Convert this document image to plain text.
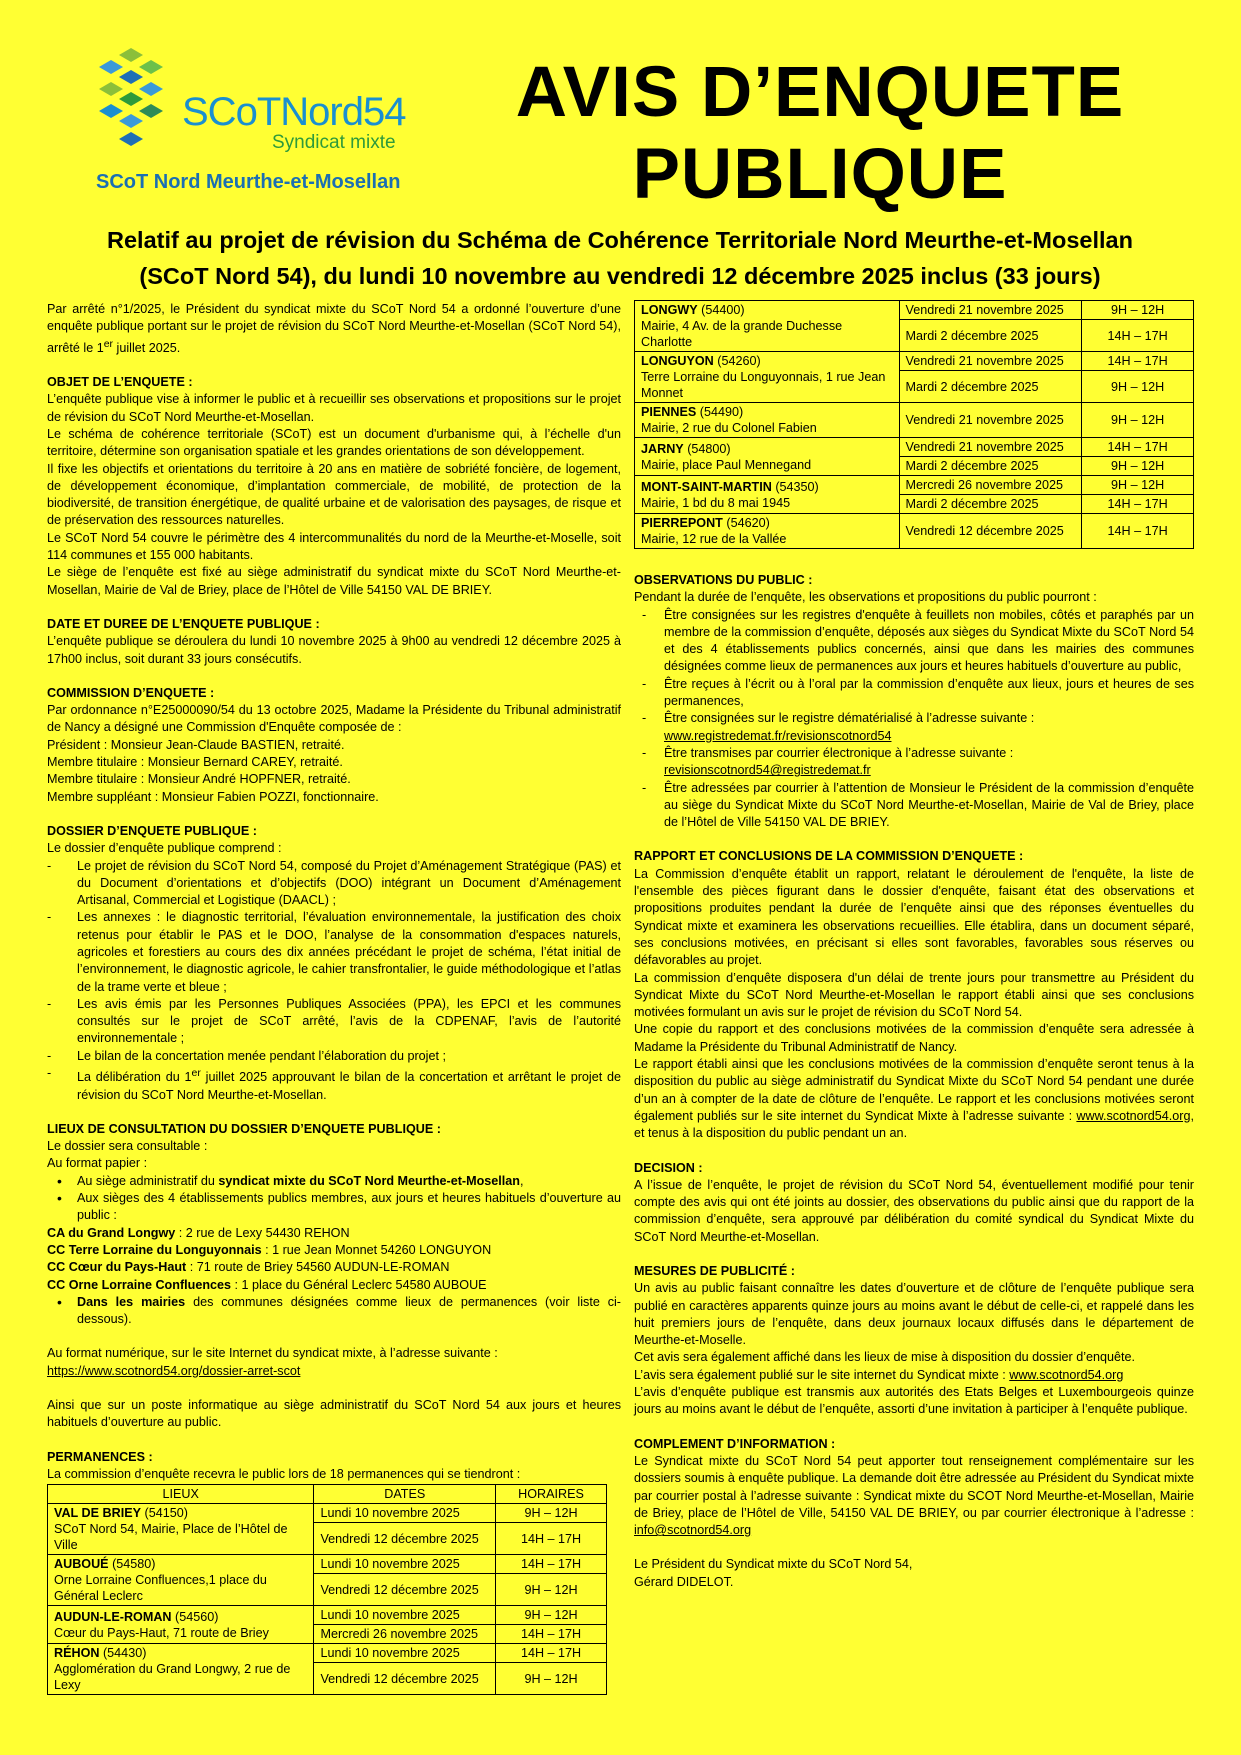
SCoTNord54
Syndicat mixte
SCoT Nord Meurthe-et-Mosellan
AVIS D’ENQUETE
PUBLIQUE
Relatif au projet de révision du Schéma de Cohérence Territoriale Nord Meurthe-et-Mosellan
(SCoT Nord 54), du lundi 10 novembre au vendredi 12 décembre 2025 inclus (33 jours)

Par arrêté n°1/2025, le Président du syndicat mixte du SCoT Nord 54 a ordonné l’ouverture d’une enquête publique portant sur le projet de révision du SCoT Nord Meurthe-et-Mosellan (SCoT Nord 54), arrêté le 1er juillet 2025.

OBJET DE L’ENQUETE :

L’enquête publique vise à informer le public et à recueillir ses observations et propositions sur le projet de révision du SCoT Nord Meurthe-et-Mosellan.

Le schéma de cohérence territoriale (SCoT) est un document d'urbanisme qui, à l’échelle d'un territoire, détermine son organisation spatiale et les grandes orientations de son développement.

Il fixe les objectifs et orientations du territoire à 20 ans en matière de sobriété foncière, de logement, de développement économique, d’implantation commerciale, de mobilité, de protection de la biodiversité, de transition énergétique, de qualité urbaine et de valorisation des paysages, de risque et de préservation des ressources naturelles.

Le SCoT Nord 54 couvre le périmètre des 4 intercommunalités du nord de la Meurthe-et-Moselle, soit 114 communes et 155 000 habitants.

Le siège de l’enquête est fixé au siège administratif du syndicat mixte du SCoT Nord Meurthe-et-Mosellan, Mairie de Val de Briey, place de l’Hôtel de Ville 54150 VAL DE BRIEY.

DATE ET DUREE DE L’ENQUETE PUBLIQUE :

L’enquête publique se déroulera du lundi 10 novembre 2025 à 9h00 au vendredi 12 décembre 2025 à 17h00 inclus, soit durant 33 jours consécutifs.

COMMISSION D’ENQUETE :

Par ordonnance n°E25000090/54 du 13 octobre 2025, Madame la Présidente du Tribunal administratif de Nancy a désigné une Commission d'Enquête composée de :

Président : Monsieur Jean-Claude BASTIEN, retraité.

Membre titulaire : Monsieur Bernard CAREY, retraité.

Membre titulaire : Monsieur André HOPFNER, retraité.

Membre suppléant : Monsieur Fabien POZZI, fonctionnaire.

DOSSIER D’ENQUETE PUBLIQUE :

Le dossier d’enquête publique comprend :

- Le projet de révision du SCoT Nord 54, composé du Projet d’Aménagement Stratégique (PAS) et du Document d’orientations et d’objectifs (DOO) intégrant un Document d’Aménagement Artisanal, Commercial et Logistique (DAACL) ;
- Les annexes : le diagnostic territorial, l’évaluation environnementale, la justification des choix retenus pour établir le PAS et le DOO, l’analyse de la consommation d'espaces naturels, agricoles et forestiers au cours des dix années précédant le projet de schéma, l’état initial de l’environnement, le diagnostic agricole, le cahier transfrontalier, le guide méthodologique et l’atlas de la trame verte et bleue ;
- Les avis émis par les Personnes Publiques Associées (PPA), les EPCI et les communes consultés sur le projet de SCoT arrêté, l’avis de la CDPENAF, l’avis de l’autorité environnementale ;
- Le bilan de la concertation menée pendant l’élaboration du projet ;
- La délibération du 1er juillet 2025 approuvant le bilan de la concertation et arrêtant le projet de révision du SCoT Nord Meurthe-et-Mosellan.

LIEUX DE CONSULTATION DU DOSSIER D’ENQUETE PUBLIQUE :

Le dossier sera consultable :

Au format papier :

• Au siège administratif du syndicat mixte du SCoT Nord Meurthe-et-Mosellan,
• Aux sièges des 4 établissements publics membres, aux jours et heures habituels d’ouverture au public :

CA du Grand Longwy : 2 rue de Lexy 54430 REHON

CC Terre Lorraine du Longuyonnais : 1 rue Jean Monnet 54260 LONGUYON

CC Cœur du Pays-Haut : 71 route de Briey 54560 AUDUN-LE-ROMAN

CC Orne Lorraine Confluences : 1 place du Général Leclerc 54580 AUBOUE

• Dans les mairies des communes désignées comme lieux de permanences (voir liste ci-dessous).

Au format numérique, sur le site Internet du syndicat mixte, à l’adresse suivante :

https://www.scotnord54.org/dossier-arret-scot

Ainsi que sur un poste informatique au siège administratif du SCoT Nord 54 aux jours et heures habituels d’ouverture au public.

PERMANENCES :

La commission d’enquête recevra le public lors de 18 permanences qui se tiendront :

LIEUX	DATES	HORAIRES
VAL DE BRIEY (54150)
SCoT Nord 54, Mairie, Place de l’Hôtel de Ville	Lundi 10 novembre 2025	9H – 12H
	Vendredi 12 décembre 2025	14H – 17H
AUBOUÉ (54580)
Orne Lorraine Confluences,1 place du Général Leclerc	Lundi 10 novembre 2025	14H – 17H
	Vendredi 12 décembre 2025	9H – 12H
AUDUN-LE-ROMAN (54560)
Cœur du Pays-Haut, 71 route de Briey	Lundi 10 novembre 2025	9H – 12H
	Mercredi 26 novembre 2025	14H – 17H
RÉHON (54430)
Agglomération du Grand Longwy, 2 rue de Lexy	Lundi 10 novembre 2025	14H – 17H
	Vendredi 12 décembre 2025	9H – 12H
LONGWY (54400)
Mairie, 4 Av. de la grande Duchesse Charlotte	Vendredi 21 novembre 2025	9H – 12H
	Mardi 2 décembre 2025	14H – 17H
LONGUYON (54260)
Terre Lorraine du Longuyonnais, 1 rue Jean Monnet	Vendredi 21 novembre 2025	14H – 17H
	Mardi 2 décembre 2025	9H – 12H
PIENNES (54490)
Mairie, 2 rue du Colonel Fabien	Vendredi 21 novembre 2025	9H – 12H
JARNY (54800)
Mairie, place Paul Mennegand	Vendredi 21 novembre 2025	14H – 17H
	Mardi 2 décembre 2025	9H – 12H
MONT-SAINT-MARTIN (54350)
Mairie, 1 bd du 8 mai 1945	Mercredi 26 novembre 2025	9H – 12H
	Mardi 2 décembre 2025	14H – 17H
PIERREPONT (54620)
Mairie, 12 rue de la Vallée	Vendredi 12 décembre 2025	14H – 17H

OBSERVATIONS DU PUBLIC :

Pendant la durée de l’enquête, les observations et propositions du public pourront :

- Être consignées sur les registres d'enquête à feuillets non mobiles, côtés et paraphés par un membre de la commission d’enquête, déposés aux sièges du Syndicat Mixte du SCoT Nord 54 et des 4 établissements publics concernés, ainsi que dans les mairies des communes désignées comme lieux de permanences aux jours et heures habituels d’ouverture au public,
- Être reçues à l’écrit ou à l’oral par la commission d’enquête aux lieux, jours et heures de ses permanences,
- Être consignées sur le registre dématérialisé à l’adresse suivante :
www.registredemat.fr/revisionscotnord54
- Être transmises par courrier électronique à l’adresse suivante :
revisionscotnord54@registredemat.fr
- Être adressées par courrier à l’attention de Monsieur le Président de la commission d’enquête au siège du Syndicat Mixte du SCoT Nord Meurthe-et-Mosellan, Mairie de Val de Briey, place de l’Hôtel de Ville 54150 VAL DE BRIEY.

RAPPORT ET CONCLUSIONS DE LA COMMISSION D’ENQUETE :

La Commission d’enquête établit un rapport, relatant le déroulement de l'enquête, la liste de l'ensemble des pièces figurant dans le dossier d'enquête, faisant état des observations et propositions produites pendant la durée de l’enquête ainsi que des réponses éventuelles du Syndicat mixte et examinera les observations recueillies. Elle établira, dans un document séparé, ses conclusions motivées, en précisant si elles sont favorables, favorables sous réserves ou défavorables au projet.

La commission d’enquête disposera d'un délai de trente jours pour transmettre au Président du Syndicat Mixte du SCoT Nord Meurthe-et-Mosellan le rapport établi ainsi que ses conclusions motivées formulant un avis sur le projet de révision du SCoT Nord 54.

Une copie du rapport et des conclusions motivées de la commission d’enquête sera adressée à Madame la Présidente du Tribunal Administratif de Nancy.

Le rapport établi ainsi que les conclusions motivées de la commission d’enquête seront tenus à la disposition du public au siège administratif du Syndicat Mixte du SCoT Nord 54 pendant une durée d’un an à compter de la date de clôture de l’enquête. Le rapport et les conclusions motivées seront également publiés sur le site internet du Syndicat Mixte à l’adresse suivante : www.scotnord54.org, et tenus à la disposition du public pendant un an.

DECISION :

A l’issue de l’enquête, le projet de révision du SCoT Nord 54, éventuellement modifié pour tenir compte des avis qui ont été joints au dossier, des observations du public ainsi que du rapport de la commission d’enquête, sera approuvé par délibération du comité syndical du Syndicat Mixte du SCoT Nord Meurthe-et-Mosellan.

MESURES DE PUBLICITÉ :

Un avis au public faisant connaître les dates d’ouverture et de clôture de l’enquête publique sera publié en caractères apparents quinze jours au moins avant le début de celle-ci, et rappelé dans les huit premiers jours de l’enquête, dans deux journaux locaux diffusés dans le département de Meurthe-et-Moselle.

Cet avis sera également affiché dans les lieux de mise à disposition du dossier d’enquête.

L’avis sera également publié sur le site internet du Syndicat mixte : www.scotnord54.org

L’avis d’enquête publique est transmis aux autorités des Etats Belges et Luxembourgeois quinze jours au moins avant le début de l’enquête, assorti d’une invitation à participer à l’enquête publique.

COMPLEMENT D’INFORMATION :

Le Syndicat mixte du SCoT Nord 54 peut apporter tout renseignement complémentaire sur les dossiers soumis à enquête publique. La demande doit être adressée au Président du Syndicat mixte par courrier postal à l’adresse suivante : Syndicat mixte du SCOT Nord Meurthe-et-Mosellan, Mairie de Briey, place de l’Hôtel de Ville, 54150 VAL DE BRIEY, ou par courrier électronique à l’adresse : info@scotnord54.org

Le Président du Syndicat mixte du SCoT Nord 54,

Gérard DIDELOT.
